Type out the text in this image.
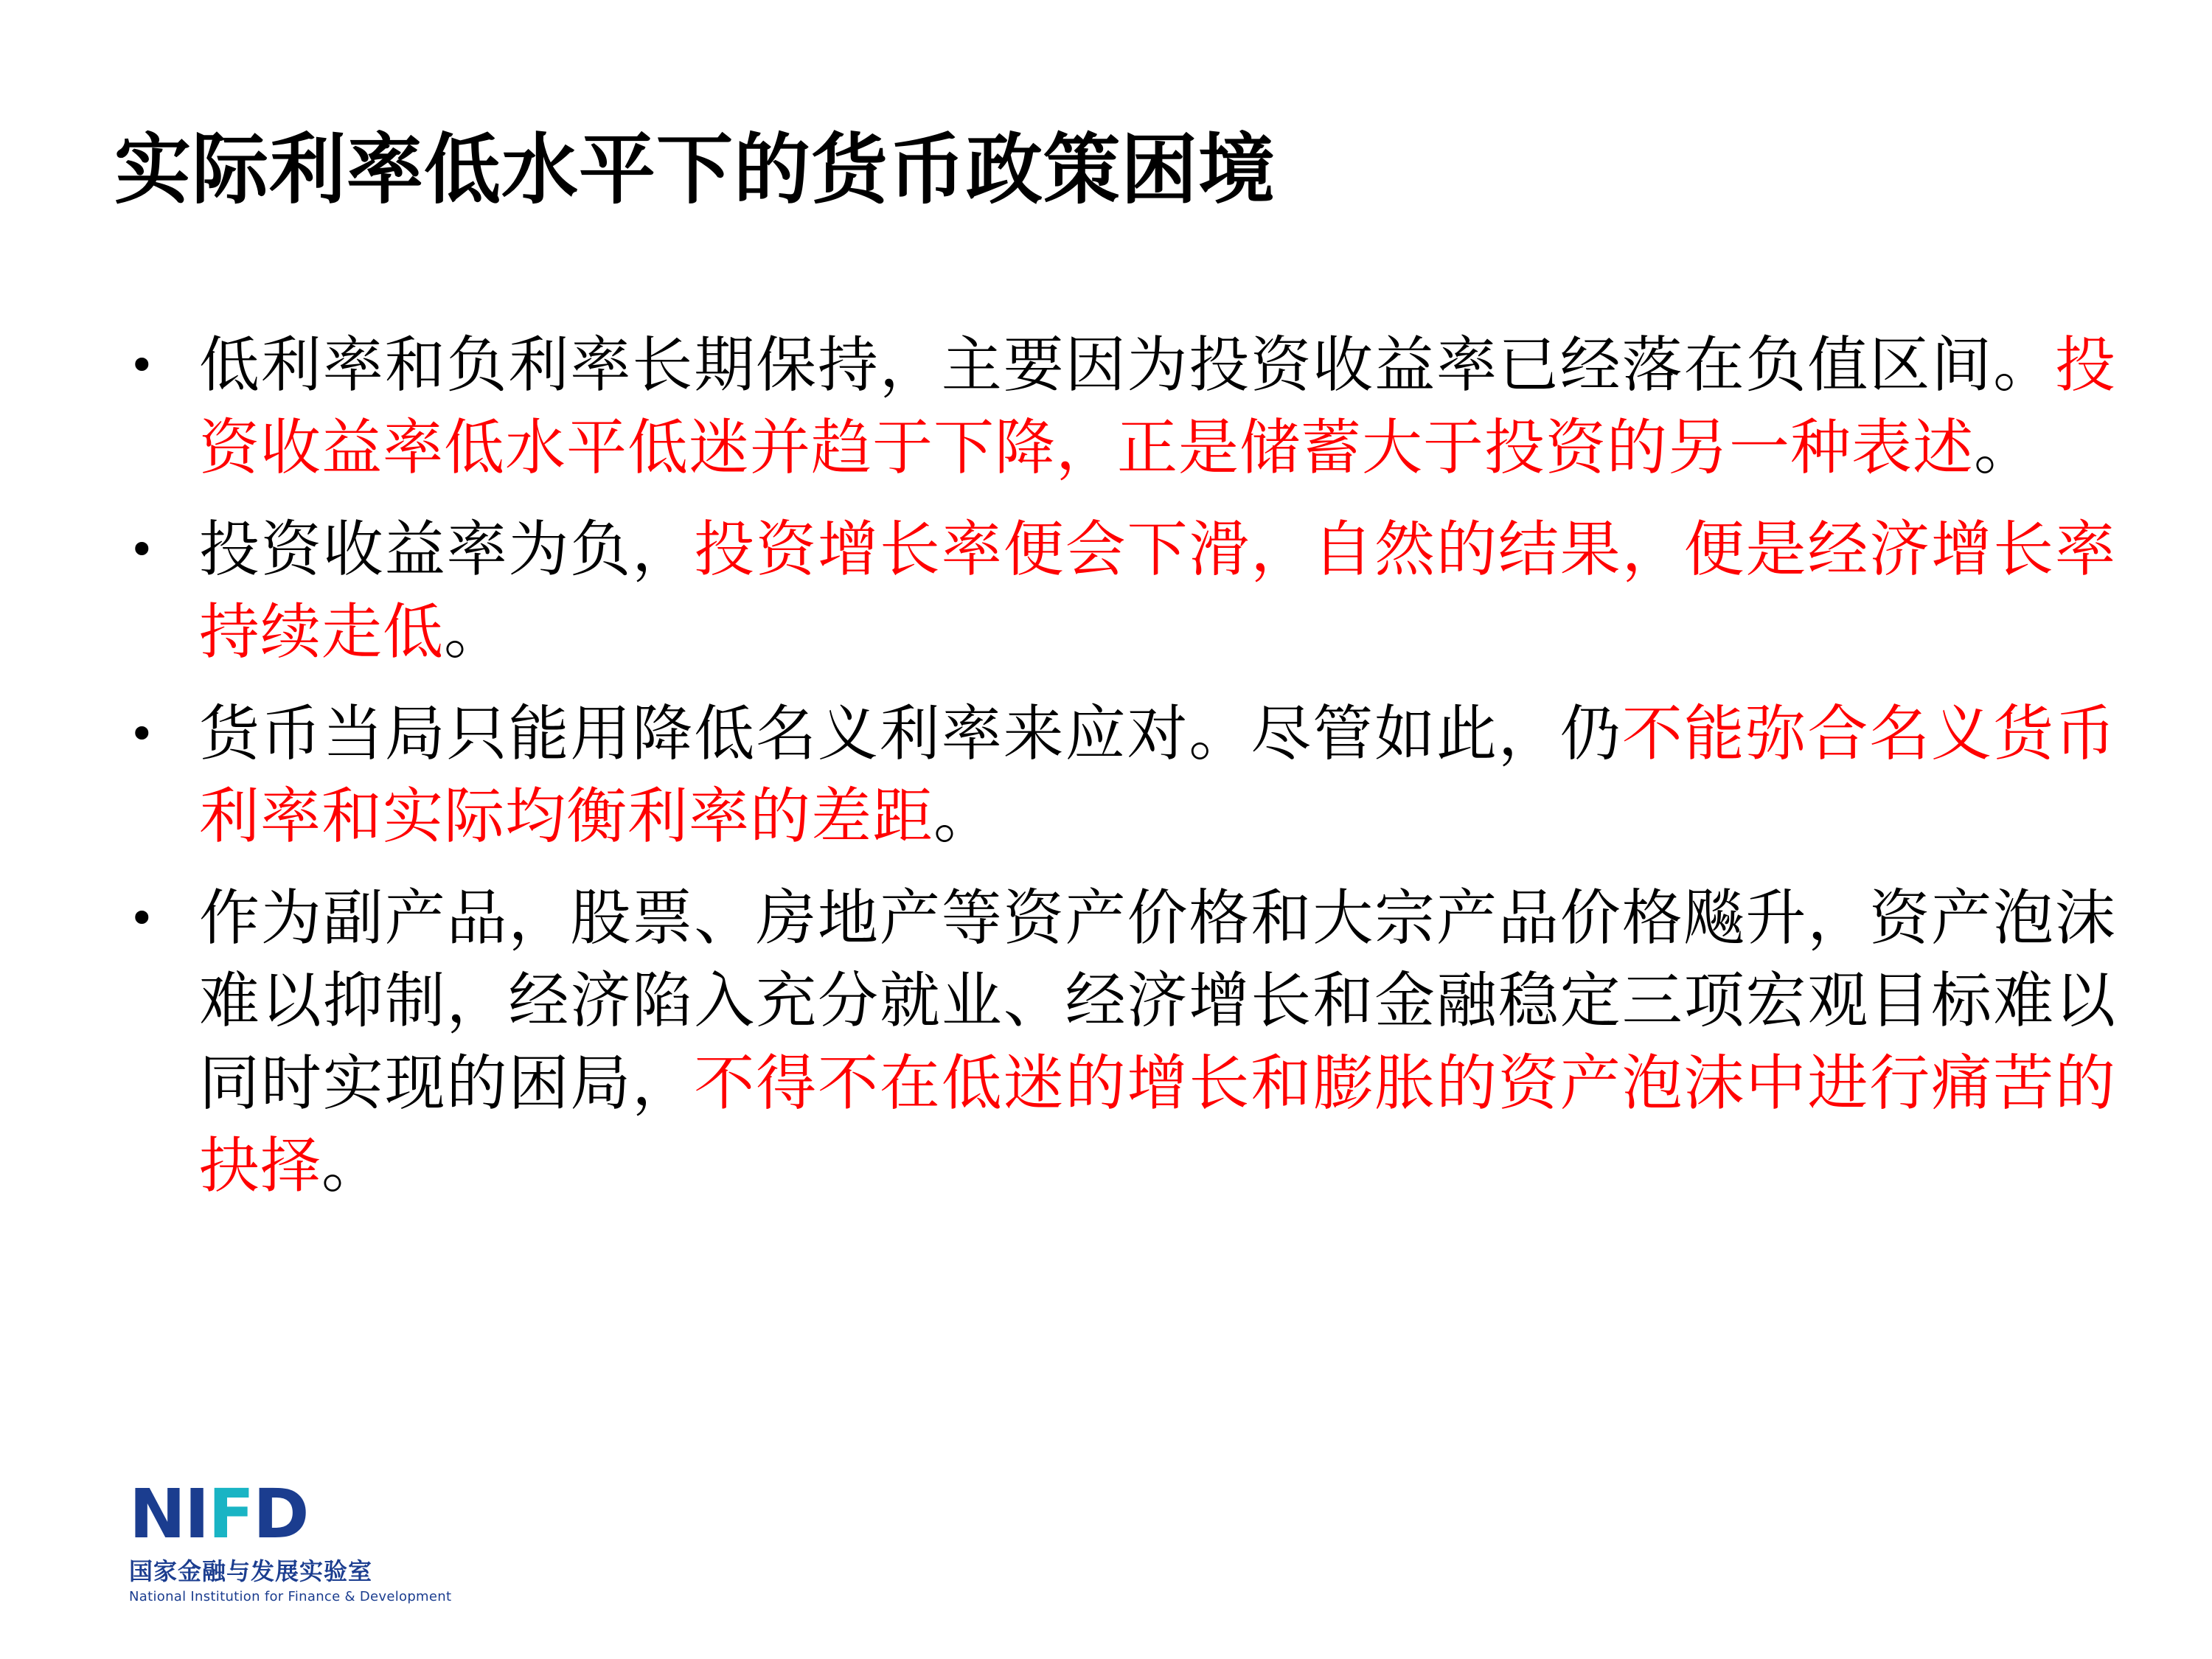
实际利率低水平下的货币政策困境
• 低利率和负利率长期保持，主要因为投资收益率已经落在负值区间。投资收益率低水平低迷并趋于下降，正是储蓄大于投资的另一种表述。
• 投资收益率为负，投资增长率便会下滑，自然的结果，便是经济增长率持续走低。
• 货币当局只能用降低名义利率来应对。尽管如此，仍不能弥合名义货币利率和实际均衡利率的差距。
• 作为副产品，股票、房地产等资产价格和大宗产品价格飚升，资产泡沫难以抑制，经济陷入充分就业、经济增长和金融稳定三项宏观目标难以同时实现的困局，不得不在低迷的增长和膨胀的资产泡沫中进行痛苦的抉择。
N I F D
国家金融与发展实验室
National Institution for Finance & Development
